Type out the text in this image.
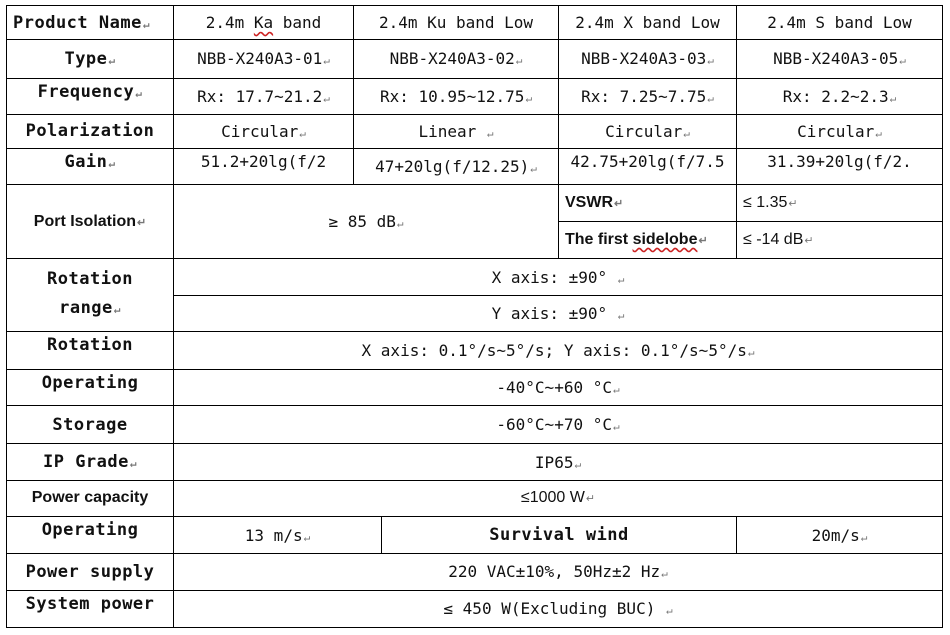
Product Name↵	2.4m Ka band	2.4m Ku band Low		2.4m X band Low	2.4m S band Low
Type↵	NBB-X240A3-01↵	NBB-X240A3-02↵		NBB-X240A3-03↵	NBB-X240A3-05↵
Frequency↵	Rx: 17.7~21.2↵	Rx: 10.95~12.75↵		Rx: 7.25~7.75↵	Rx: 2.2~2.3↵
Polarization	Circular↵	Linear ↵		Circular↵	Circular↵
Gain↵	51.2+20lg(f/2	47+20lg(f/12.25)↵		42.75+20lg(f/7.5	31.39+20lg(f/2.
Port Isolation↵	≥ 85 dB↵			VSWR↵	≤ 1.35↵
				The first sidelobe↵	≤ -14 dB↵
Rotation
range↵	X axis: ±90° ↵				
	Y axis: ±90° ↵				
Rotation	X axis: 0.1°/s~5°/s; Y axis: 0.1°/s~5°/s↵				
Operating	-40°C~+60 °C↵				
Storage	-60°C~+70 °C↵				
IP Grade↵	IP65↵				
Power capacity	≤1000 W↵				
Operating	13 m/s↵		Survival wind		20m/s↵
Power supply	220 VAC±10%, 50Hz±2 Hz↵				
System power	≤ 450 W(Excluding BUC) ↵				
